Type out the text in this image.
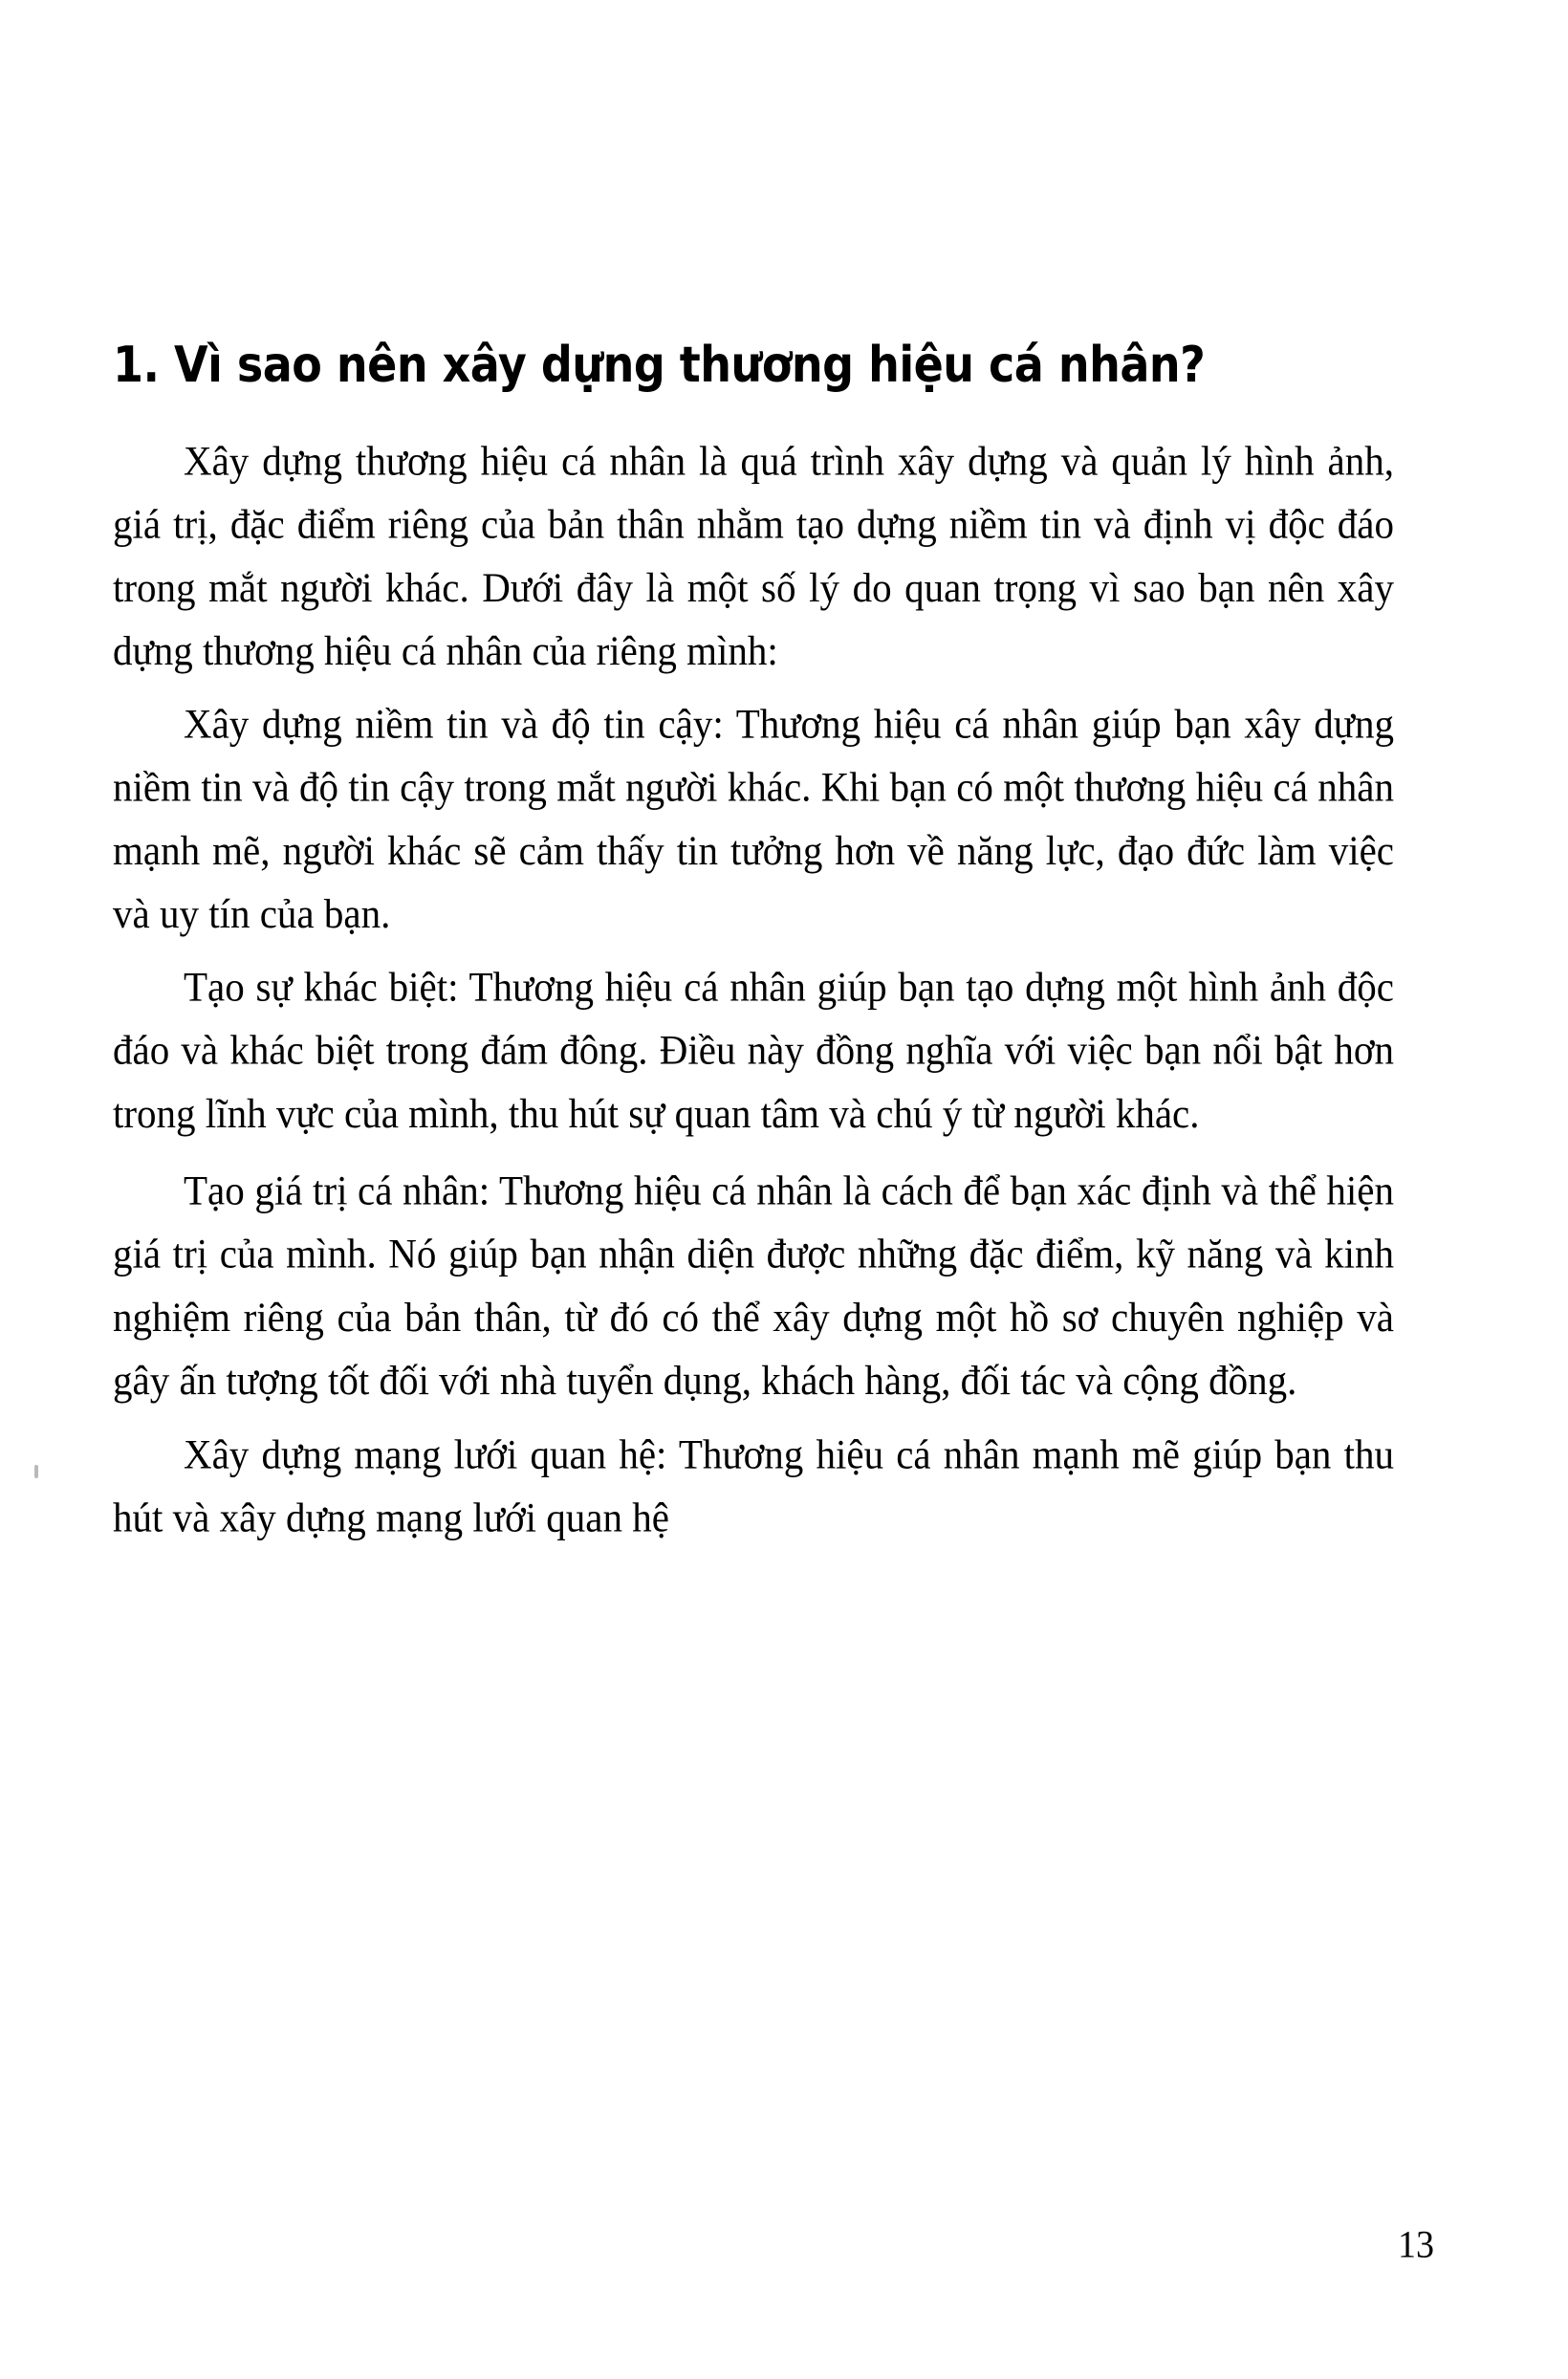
1. Vì sao nên xây dựng thương hiệu cá nhân?

Xây dựng thương hiệu cá nhân là quá trình xây dựng và quản lý hình ảnh, giá trị, đặc điểm riêng của bản thân nhằm tạo dựng niềm tin và định vị độc đáo trong mắt người khác. Dưới đây là một số lý do quan trọng vì sao bạn nên xây dựng thương hiệu cá nhân của riêng mình:

Xây dựng niềm tin và độ tin cậy: Thương hiệu cá nhân giúp bạn xây dựng niềm tin và độ tin cậy trong mắt người khác. Khi bạn có một thương hiệu cá nhân mạnh mẽ, người khác sẽ cảm thấy tin tưởng hơn về năng lực, đạo đức làm việc và uy tín của bạn.

Tạo sự khác biệt: Thương hiệu cá nhân giúp bạn tạo dựng một hình ảnh độc đáo và khác biệt trong đám đông. Điều này đồng nghĩa với việc bạn nổi bật hơn trong lĩnh vực của mình, thu hút sự quan tâm và chú ý từ người khác.

Tạo giá trị cá nhân: Thương hiệu cá nhân là cách để bạn xác định và thể hiện giá trị của mình. Nó giúp bạn nhận diện được những đặc điểm, kỹ năng và kinh nghiệm riêng của bản thân, từ đó có thể xây dựng một hồ sơ chuyên nghiệp và gây ấn tượng tốt đối với nhà tuyển dụng, khách hàng, đối tác và cộng đồng.

Xây dựng mạng lưới quan hệ: Thương hiệu cá nhân mạnh mẽ giúp bạn thu hút và xây dựng mạng lưới quan hệ

13
